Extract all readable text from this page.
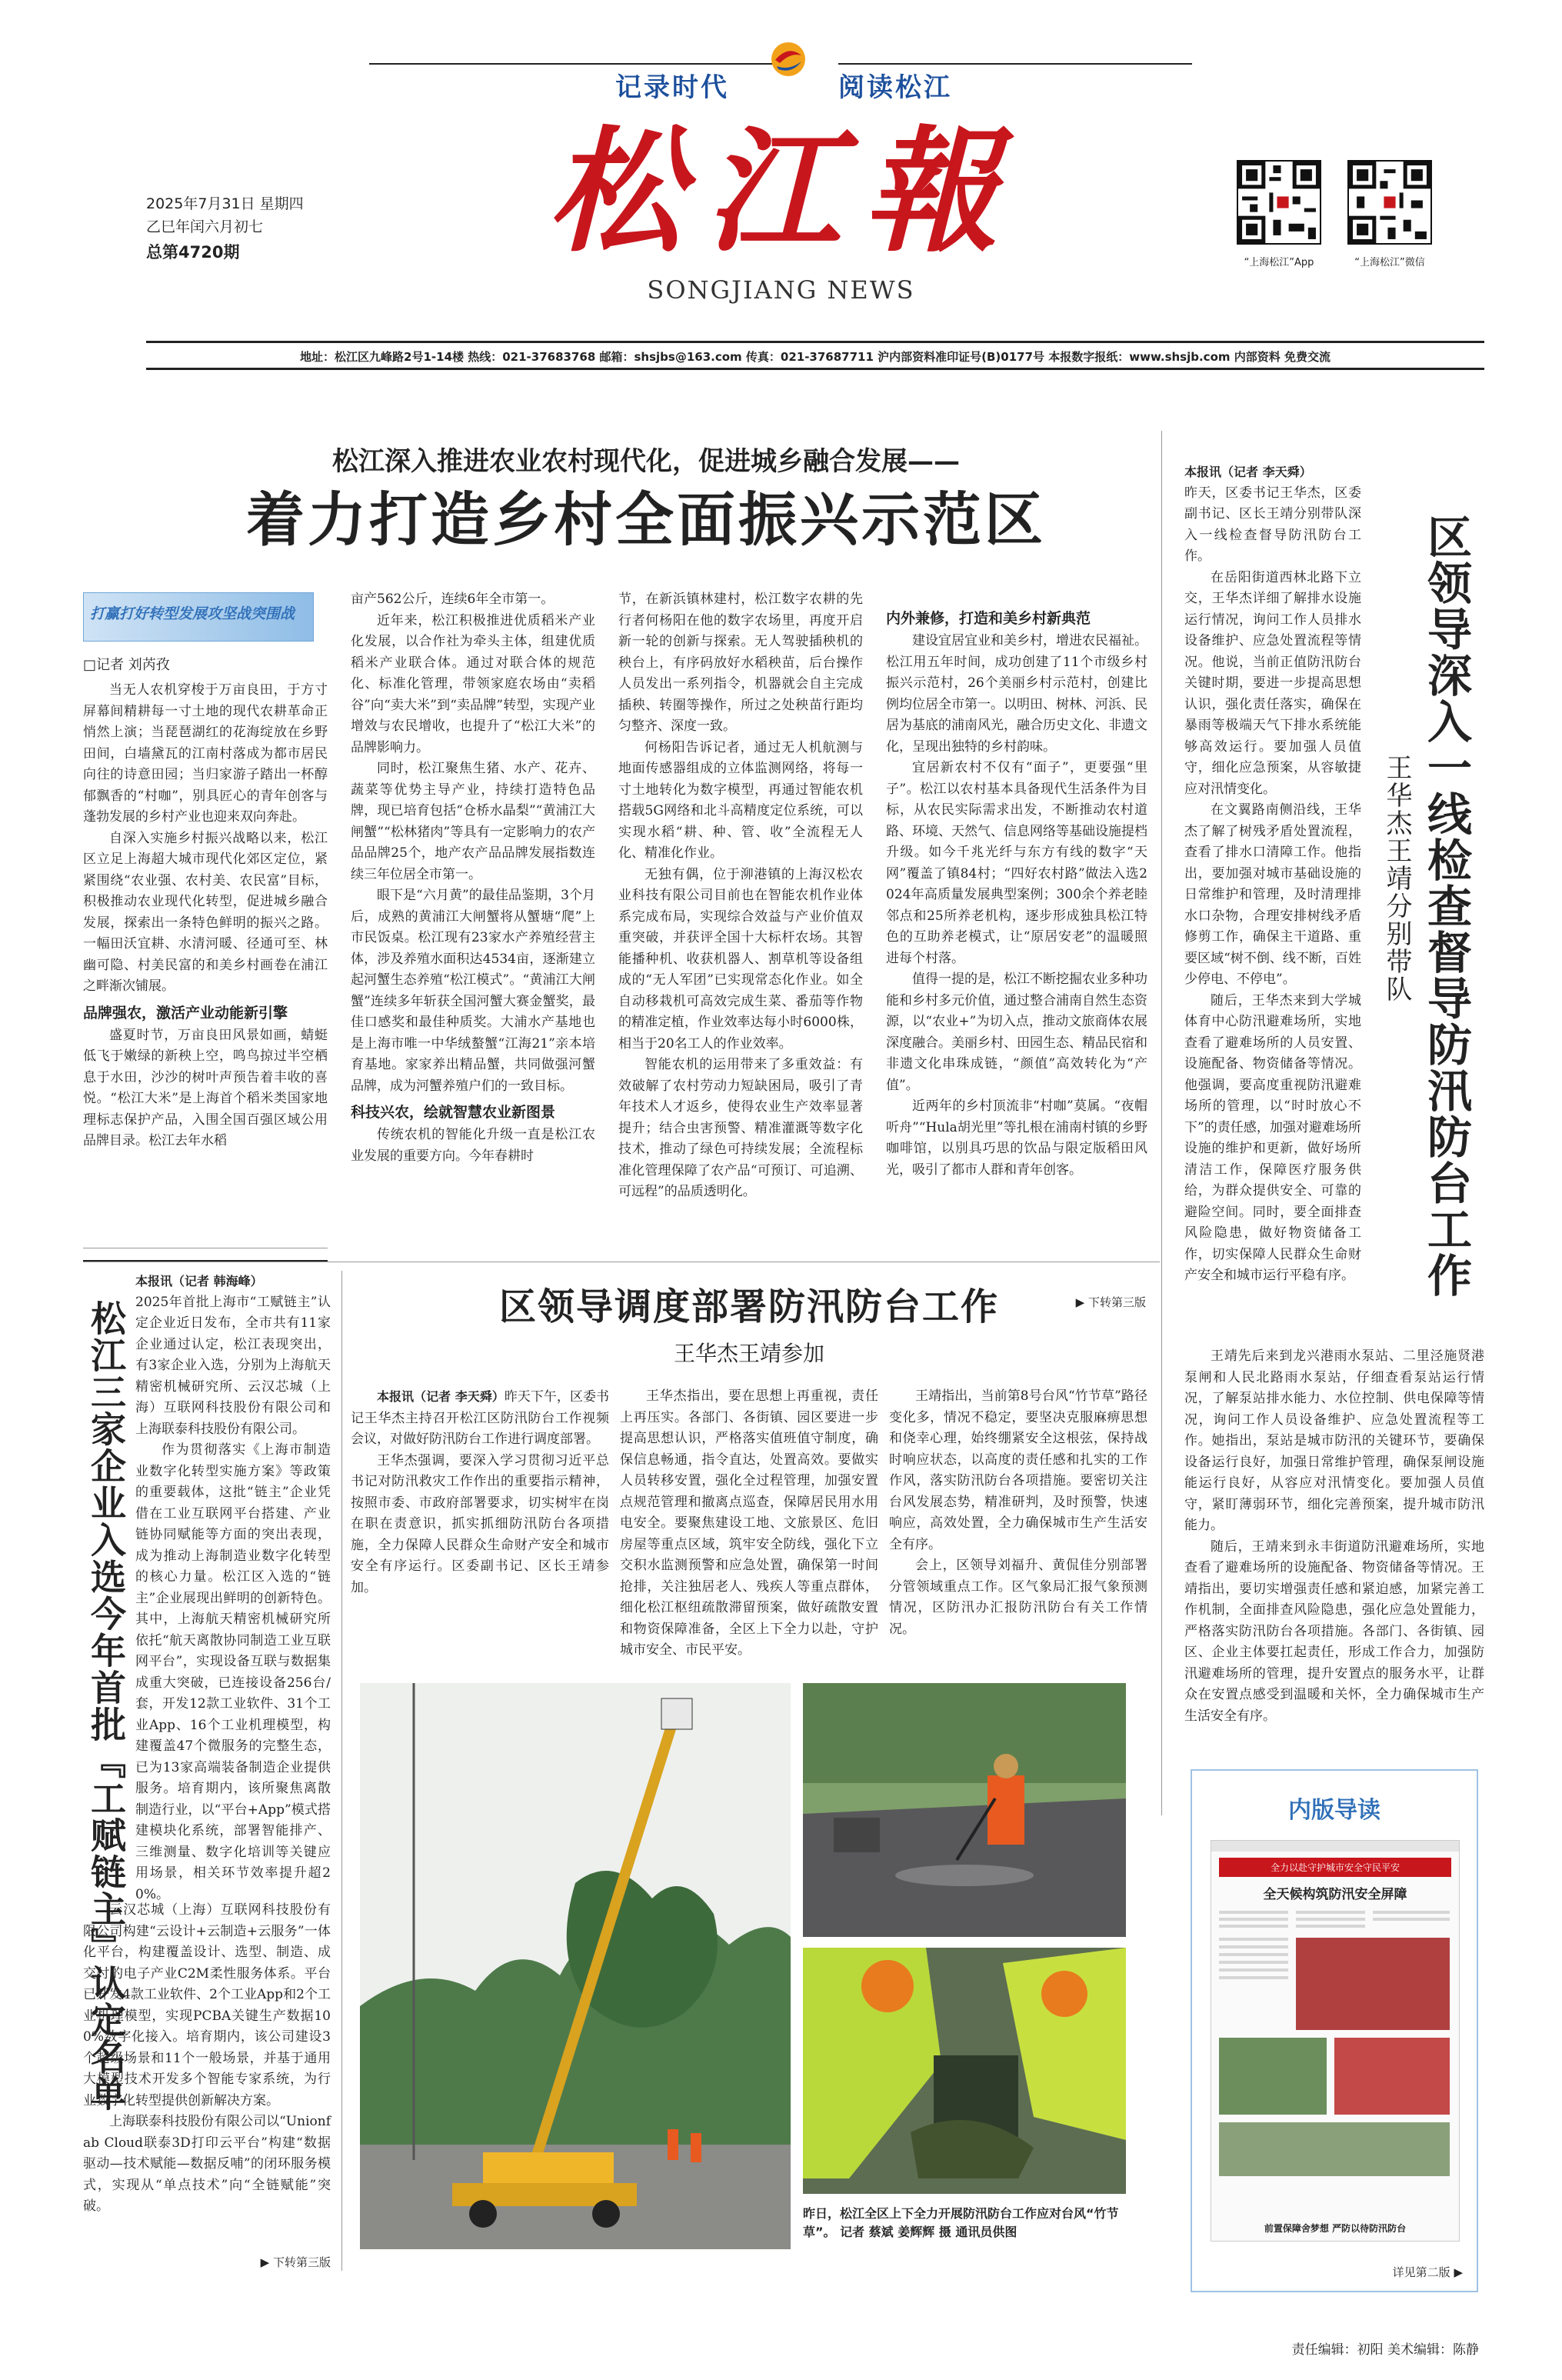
记录时代	阅读松江
松江報
SONGJIANG NEWS
2025年7月31日 星期四
乙巳年闰六月初七
总第4720期
“上海松江”App	“上海松江”微信
地址：松江区九峰路2号1-14楼 热线：021-37683768 邮箱：shsjbs@163.com 传真：021-37687711 沪内部资料准印证号(B)0177号 本报数字报纸：www.shsjb.com 内部资料 免费交流
松江深入推进农业农村现代化，促进城乡融合发展——
着力打造乡村全面振兴示范区
打赢打好转型发展攻坚战突围战
□记者 刘芮孜

当无人农机穿梭于万亩良田，于方寸屏幕间精耕每一寸土地的现代农耕革命正悄然上演；当琵琶湖红的花海绽放在乡野田间，白墙黛瓦的江南村落成为都市居民向往的诗意田园；当归家游子踏出一杯醇郁飘香的“村咖”，别具匠心的青年创客与蓬勃发展的乡村产业也迎来双向奔赴。

自深入实施乡村振兴战略以来，松江区立足上海超大城市现代化郊区定位，紧紧围绕“农业强、农村美、农民富”目标，积极推动农业现代化转型，促进城乡融合发展，探索出一条特色鲜明的振兴之路。一幅田沃宜耕、水清河暖、径通可至、林幽可隐、村美民富的和美乡村画卷在浦江之畔渐次铺展。

品牌强农，激活产业动能新引擎

盛夏时节，万亩良田风景如画，蜻蜓低飞于嫩绿的新秧上空，鸣鸟掠过半空栖息于水田，沙沙的树叶声预告着丰收的喜悦。“松江大米”是上海首个稻米类国家地理标志保护产品，入围全国百强区域公用品牌目录。松江去年水稻

亩产562公斤，连续6年全市第一。

近年来，松江积极推进优质稻米产业化发展，以合作社为牵头主体，组建优质稻米产业联合体。通过对联合体的规范化、标准化管理，带领家庭农场由“卖稻谷”向“卖大米”到“卖品牌”转型，实现产业增效与农民增收，也提升了“松江大米”的品牌影响力。

同时，松江聚焦生猪、水产、花卉、蔬菜等优势主导产业，持续打造特色品牌，现已培育包括“仓桥水晶梨”“黄浦江大闸蟹”“松林猪肉”等具有一定影响力的农产品品牌25个，地产农产品品牌发展指数连续三年位居全市第一。

眼下是“六月黄”的最佳品鉴期，3个月后，成熟的黄浦江大闸蟹将从蟹塘“爬”上市民饭桌。松江现有23家水产养殖经营主体，涉及养殖水面积达4534亩，逐渐建立起河蟹生态养殖“松江模式”。“黄浦江大闸蟹”连续多年斩获全国河蟹大赛金蟹奖，最佳口感奖和最佳种质奖。大浦水产基地也是上海市唯一中华绒螯蟹“江海21”亲本培育基地。家家养出精品蟹，共同做强河蟹品牌，成为河蟹养殖户们的一致目标。

科技兴农，绘就智慧农业新图景

传统农机的智能化升级一直是松江农业发展的重要方向。今年春耕时

节，在新浜镇林建村，松江数字农耕的先行者何杨阳在他的数字农场里，再度开启新一轮的创新与探索。无人驾驶插秧机的秧台上，有序码放好水稻秧苗，后台操作人员发出一系列指令，机器就会自主完成插秧、转圈等操作，所过之处秧苗行距均匀整齐、深度一致。

何杨阳告诉记者，通过无人机航测与地面传感器组成的立体监测网络，将每一寸土地转化为数字模型，再通过智能农机搭载5G网络和北斗高精度定位系统，可以实现水稻“耕、种、管、收”全流程无人化、精准化作业。

无独有偶，位于泖港镇的上海汉松农业科技有限公司目前也在智能农机作业体系完成布局，实现综合效益与产业价值双重突破，并获评全国十大标杆农场。其智能播种机、收获机器人、割草机等设备组成的“无人军团”已实现常态化作业。如全自动移栽机可高效完成生菜、番茄等作物的精准定植，作业效率达每小时6000株，相当于20名工人的作业效率。

智能农机的运用带来了多重效益：有效破解了农村劳动力短缺困局，吸引了青年技术人才返乡，使得农业生产效率显著提升；结合虫害预警、精准灌溉等数字化技术，推动了绿色可持续发展；全流程标准化管理保障了农产品“可预订、可追溯、可远程”的品质透明化。

内外兼修，打造和美乡村新典范

建设宜居宜业和美乡村，增进农民福祉。松江用五年时间，成功创建了11个市级乡村振兴示范村，26个美丽乡村示范村，创建比例均位居全市第一。以明田、树林、河浜、民居为基底的浦南风光，融合历史文化、非遗文化，呈现出独特的乡村韵味。

宜居新农村不仅有“面子”，更要强“里子”。松江以农村基本具备现代生活条件为目标，从农民实际需求出发，不断推动农村道路、环境、天然气、信息网络等基础设施提档升级。如今千兆光纤与东方有线的数字“天网”覆盖了镇84村；“四好农村路”做法入选2024年高质量发展典型案例；300余个养老睦邻点和25所养老机构，逐步形成独具松江特色的互助养老模式，让“原居安老”的温暖照进每个村落。

值得一提的是，松江不断挖掘农业多种功能和乡村多元价值，通过整合浦南自然生态资源，以“农业+”为切入点，推动文旅商体农展深度融合。美丽乡村、田园生态、精品民宿和非遗文化串珠成链，“颜值”高效转化为“产值”。

近两年的乡村顶流非“村咖”莫属。“夜帽听舟”“Hula胡光里”等扎根在浦南村镇的乡野咖啡馆，以別具巧思的饮品与限定版稻田风光，吸引了都市人群和青年创客。

▶ 下转第三版
区领导深入一线检查督导防汛防台工作
王华杰王靖分别带队

本报讯（记者 李天舜）

昨天，区委书记王华杰，区委副书记、区长王靖分别带队深入一线检查督导防汛防台工作。

在岳阳街道西林北路下立交，王华杰详细了解排水设施运行情况，询问工作人员排水设备维护、应急处置流程等情况。他说，当前正值防汛防台关键时期，要进一步提高思想认识，强化责任落实，确保在暴雨等极端天气下排水系统能够高效运行。要加强人员值守，细化应急预案，从容敏捷应对汛情变化。

在文翼路南侧沿线，王华杰了解了树残矛盾处置流程，查看了排水口清障工作。他指出，要加强对城市基础设施的日常维护和管理，及时清理排水口杂物，合理安排树线矛盾修剪工作，确保主干道路、重要区域“树不倒、线不断，百姓少停电、不停电”。

随后，王华杰来到大学城体育中心防汛避难场所，实地查看了避难场所的人员安置、设施配备、物资储备等情况。他强调，要高度重视防汛避难场所的管理，以“时时放心不下”的责任感，加强对避难场所设施的维护和更新，做好场所清洁工作，保障医疗服务供给，为群众提供安全、可靠的避险空间。同时，要全面排查风险隐患，做好物资储备工作，切实保障人民群众生命财产安全和城市运行平稳有序。

王靖先后来到龙兴港雨水泵站、二里泾施贤港泵闸和人民北路雨水泵站，仔细查看泵站运行情况，了解泵站排水能力、水位控制、供电保障等情况，询问工作人员设备维护、应急处置流程等工作。她指出，泵站是城市防汛的关键环节，要确保设备运行良好，加强日常维护管理，确保泵闸设施能运行良好，从容应对汛情变化。要加强人员值守，紧盯薄弱环节，细化完善预案，提升城市防汛能力。

随后，王靖来到永丰街道防汛避难场所，实地查看了避难场所的设施配备、物资储备等情况。王靖指出，要切实增强责任感和紧迫感，加紧完善工作机制，全面排查风险隐患，强化应急处置能力，严格落实防汛防台各项措施。各部门、各街镇、园区、企业主体要扛起责任，形成工作合力，加强防汛避难场所的管理，提升安置点的服务水平，让群众在安置点感受到温暖和关怀，全力确保城市生产生活安全有序。

松江三家企业入选今年首批『工赋链主』认定名单

本报讯（记者 韩海峰）

2025年首批上海市“工赋链主”认定企业近日发布，全市共有11家企业通过认定，松江表现突出，有3家企业入选，分别为上海航天精密机械研究所、云汉芯城（上海）互联网科技股份有限公司和上海联泰科技股份有限公司。

作为贯彻落实《上海市制造业数字化转型实施方案》等政策的重要载体，这批“链主”企业凭借在工业互联网平台搭建、产业链协同赋能等方面的突出表现，成为推动上海制造业数字化转型的核心力量。松江区入选的“链主”企业展现出鲜明的创新特色。其中，上海航天精密机械研究所依托“航天离散协同制造工业互联网平台”，实现设备互联与数据集成重大突破，已连接设备256台/套，开发12款工业软件、31个工业App、16个工业机理模型，构建覆盖47个微服务的完整生态，已为13家高端装备制造企业提供服务。培育期内，该所聚焦离散制造行业，以“平台+App”模式搭建模块化系统，部署智能排产、三维测量、数字化培训等关键应用场景，相关环节效率提升超20%。

云汉芯城（上海）互联网科技股份有限公司构建“云设计+云制造+云服务”一体化平台，构建覆盖设计、选型、制造、成交付的电子产业C2M柔性服务体系。平台已开发4款工业软件、2个工业App和2个工业机理模型，实现PCBA关键生产数据100%数字化接入。培育期内，该公司建设3个超级场景和11个一般场景，并基于通用大模型技术开发多个智能专家系统，为行业数字化转型提供创新解决方案。

上海联泰科技股份有限公司以“Unionfab Cloud联泰3D打印云平台”构建“数据驱动—技术赋能—数据反哺”的闭环服务模式，实现从“单点技术”向“全链赋能”突破。

▶ 下转第三版
区领导调度部署防汛防台工作
王华杰王靖参加

本报讯（记者 李天舜）昨天下午，区委书记王华杰主持召开松江区防汛防台工作视频会议，对做好防汛防台工作进行调度部署。

王华杰强调，要深入学习贯彻习近平总书记对防汛救灾工作作出的重要指示精神，按照市委、市政府部署要求，切实树牢在岗在职在责意识，抓实抓细防汛防台各项措施，全力保障人民群众生命财产安全和城市安全有序运行。区委副书记、区长王靖参加。

王华杰指出，要在思想上再重视，责任上再压实。各部门、各街镇、园区要进一步提高思想认识，严格落实值班值守制度，确保信息畅通，指令直达，处置高效。要做实人员转移安置，强化全过程管理，加强安置点规范管理和撤离点巡查，保障居民用水用电安全。要聚焦建设工地、文旅景区、危旧房屋等重点区域，筑牢安全防线，强化下立交积水监测预警和应急处置，确保第一时间抢排，关注独居老人、残疾人等重点群体，细化松江枢纽疏散滞留预案，做好疏散安置和物资保障准备，全区上下全力以赴，守护城市安全、市民平安。

王靖指出，当前第8号台风“竹节草”路径变化多，情况不稳定，要坚决克服麻痹思想和侥幸心理，始终绷紧安全这根弦，保持战时响应状态，以高度的责任感和扎实的工作作风，落实防汛防台各项措施。要密切关注台风发展态势，精准研判，及时预警，快速响应，高效处置，全力确保城市生产生活安全有序。

会上，区领导刘福升、黄侃佳分别部署分管领域重点工作。区气象局汇报气象预测情况，区防汛办汇报防汛防台有关工作情况。

昨日，松江全区上下全力开展防汛防台工作应对台风“竹节草”。 记者 蔡斌 姜辉辉 摄 通讯员供图
内版导读
全力以赴守护城市安全守民平安
全天候构筑防汛安全屏障
前置保障舍梦想 严防以待防汛防台
详见第二版 ▶
责任编辑：初阳 美术编辑：陈静
